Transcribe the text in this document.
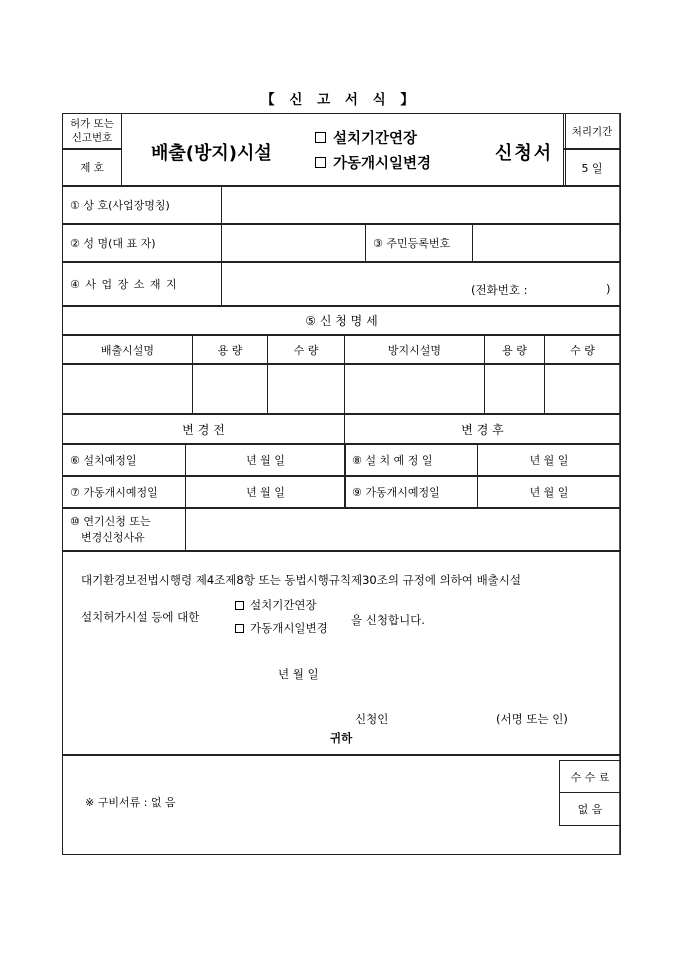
【 신 고 서 식 】
허가 또는
신고번호
제 호
배출(방지)시설
설치기간연장
가동개시일변경	신청서
처리기간
5 일
① 상 호(사업장명칭)
② 성 명(대 표 자)	③ 주민등록번호
④ 사 업 장 소 재 지	(전화번호 :	)
⑤ 신 청 명 세
배출시설명	용 량	수 량	방지시설명	용 량	수 량
변 경 전	변 경 후
⑥ 설치예정일	년 월 일	⑧ 설 치 예 정 일	년 월 일
⑦ 가동개시예정일	년 월 일	⑨ 가동개시예정일	년 월 일
⑩ 연기신청 또는
변경신청사유
대기환경보전법시행령 제4조제8항 또는 동법시행규칙제30조의 규정에 의하여 배출시설
설치허가시설 등에 대한
설치기간연장
가동개시일변경
을 신청합니다.
년 월 일
신청인	(서명 또는 인)
귀하
※ 구비서류 : 없 음
수 수 료
없 음
